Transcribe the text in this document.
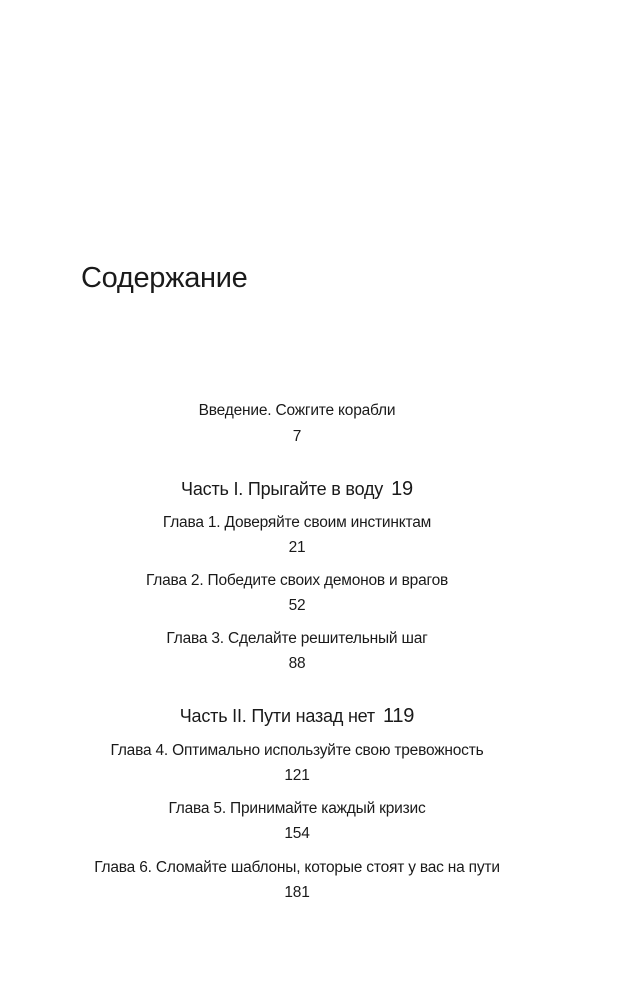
Содержание
Введение. Сожгите корабли
7
Часть I. Прыгайте в воду 19
Глава 1. Доверяйте своим инстинктам
21
Глава 2. Победите своих демонов и врагов
52
Глава 3. Сделайте решительный шаг
88
Часть II. Пути назад нет 119
Глава 4. Оптимально используйте свою тревожность
121
Глава 5. Принимайте каждый кризис
154
Глава 6. Сломайте шаблоны, которые стоят у вас на пути
181
